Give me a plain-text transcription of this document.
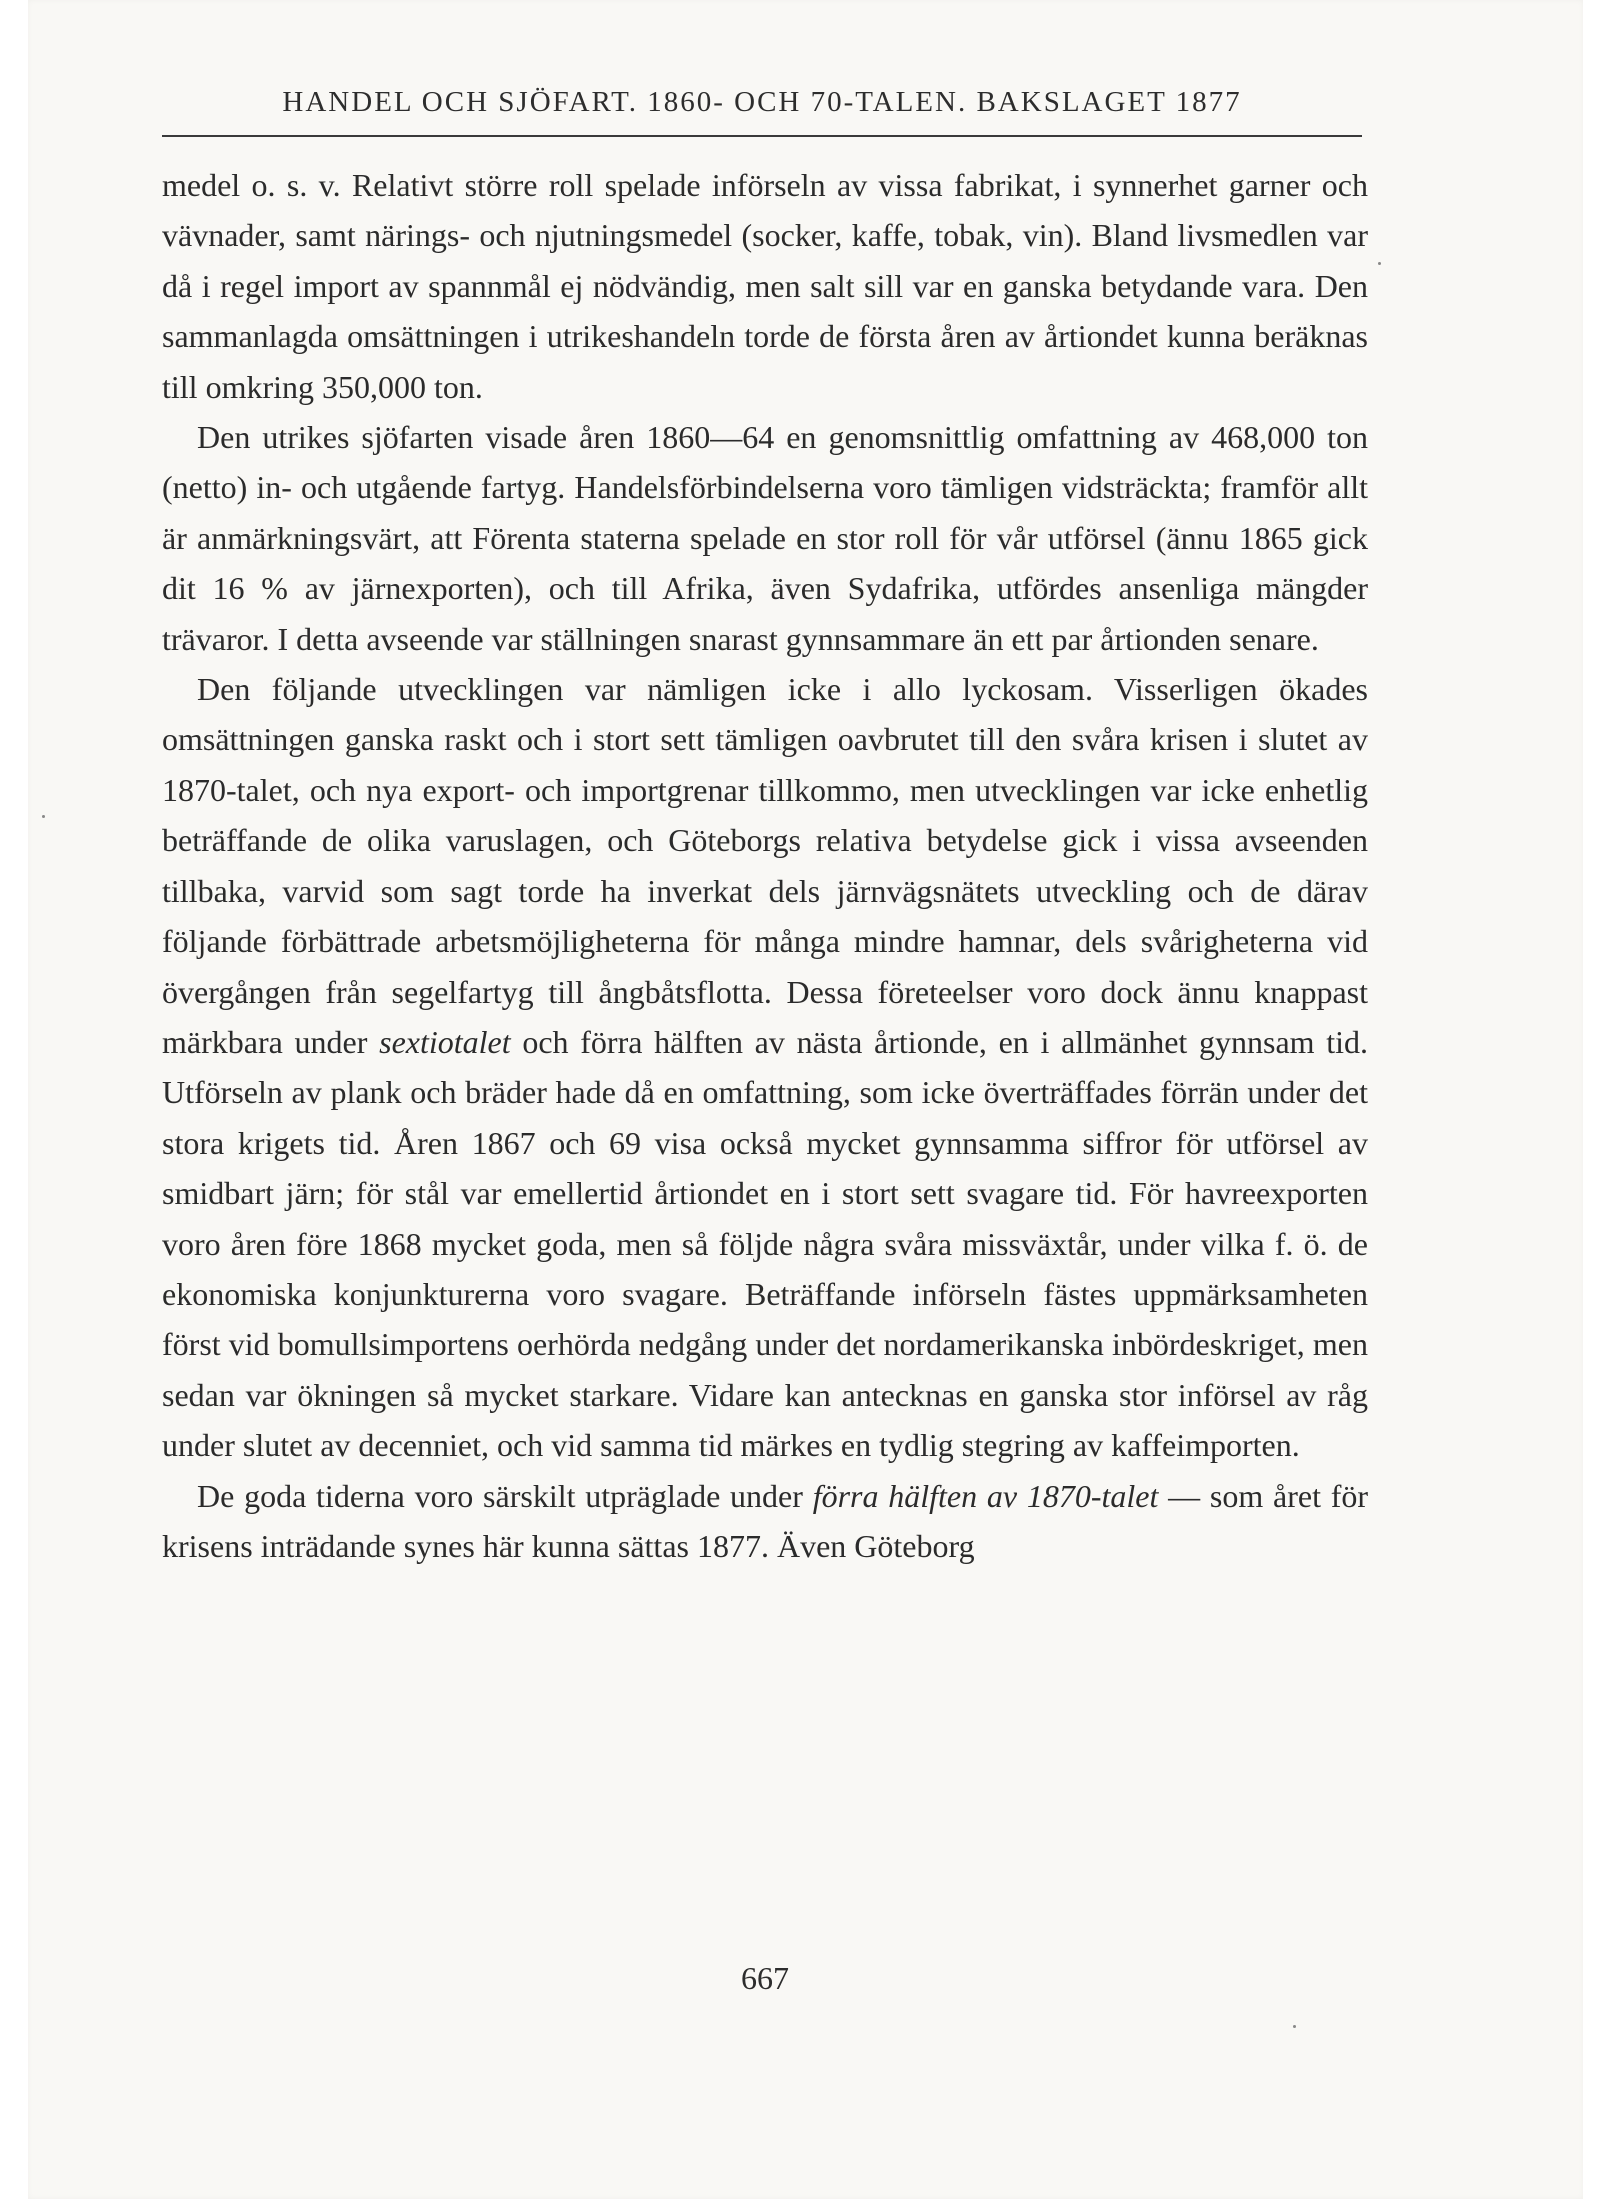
HANDEL OCH SJÖFART. 1860- OCH 70-TALEN. BAKSLAGET 1877

medel o. s. v. Relativt större roll spelade införseln av vissa fabrikat, i synnerhet garner och vävnader, samt närings- och njutningsmedel (socker, kaffe, tobak, vin). Bland livsmedlen var då i regel import av spannmål ej nödvändig, men salt sill var en ganska betydande vara. Den sammanlagda omsättningen i utrikeshandeln torde de första åren av årtiondet kunna beräknas till omkring 350,000 ton.

Den utrikes sjöfarten visade åren 1860—64 en genomsnittlig omfattning av 468,000 ton (netto) in- och utgående fartyg. Handelsförbindelserna voro tämligen vidsträckta; framför allt är anmärkningsvärt, att Förenta staterna spelade en stor roll för vår utförsel (ännu 1865 gick dit 16 % av järnexporten), och till Afrika, även Sydafrika, utfördes ansenliga mängder trävaror. I detta avseende var ställningen snarast gynnsammare än ett par årtionden senare.

Den följande utvecklingen var nämligen icke i allo lyckosam. Visserligen ökades omsättningen ganska raskt och i stort sett tämligen oavbrutet till den svåra krisen i slutet av 1870-talet, och nya export- och importgrenar tillkommo, men utvecklingen var icke enhetlig beträffande de olika varuslagen, och Göteborgs relativa betydelse gick i vissa avseenden tillbaka, varvid som sagt torde ha inverkat dels järnvägsnätets utveckling och de därav följande förbättrade arbetsmöjligheterna för många mindre hamnar, dels svårigheterna vid övergången från segelfartyg till ångbåtsflotta. Dessa företeelser voro dock ännu knappast märkbara under sextiotalet och förra hälften av nästa årtionde, en i allmänhet gynnsam tid. Utförseln av plank och bräder hade då en omfattning, som icke överträffades förrän under det stora krigets tid. Åren 1867 och 69 visa också mycket gynnsamma siffror för utförsel av smidbart järn; för stål var emellertid årtiondet en i stort sett svagare tid. För havreexporten voro åren före 1868 mycket goda, men så följde några svåra missväxtår, under vilka f. ö. de ekonomiska konjunkturerna voro svagare. Beträffande införseln fästes uppmärksamheten först vid bomullsimportens oerhörda nedgång under det nordamerikanska inbördeskriget, men sedan var ökningen så mycket starkare. Vidare kan antecknas en ganska stor införsel av råg under slutet av decenniet, och vid samma tid märkes en tydlig stegring av kaffeimporten.

De goda tiderna voro särskilt utpräglade under förra hälften av 1870-talet — som året för krisens inträdande synes här kunna sättas 1877. Även Göteborg

667
